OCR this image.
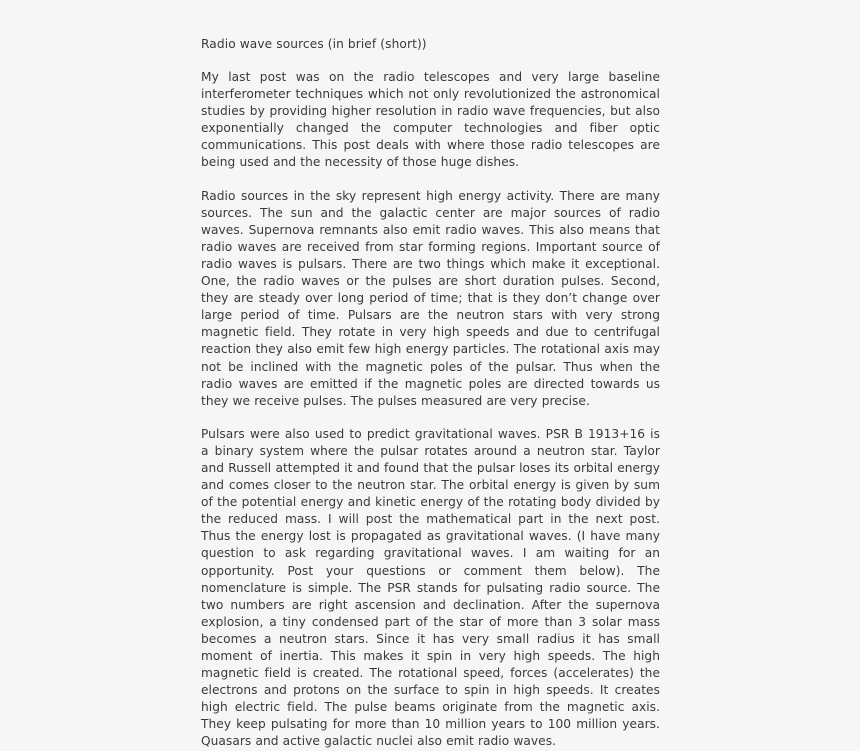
Radio wave sources (in brief (short))

My last post was on the radio telescopes and very large baseline interferometer techniques which not only revolutionized the astronomical studies by providing higher resolution in radio wave frequencies, but also exponentially changed the computer technologies and fiber optic communications. This post deals with where those radio telescopes are being used and the necessity of those huge dishes.

Radio sources in the sky represent high energy activity. There are many sources. The sun and the galactic center are major sources of radio waves. Supernova remnants also emit radio waves. This also means that radio waves are received from star forming regions. Important source of radio waves is pulsars. There are two things which make it exceptional. One, the radio waves or the pulses are short duration pulses. Second, they are steady over long period of time; that is they don’t change over large period of time. Pulsars are the neutron stars with very strong magnetic field. They rotate in very high speeds and due to centrifugal reaction they also emit few high energy particles. The rotational axis may not be inclined with the magnetic poles of the pulsar. Thus when the radio waves are emitted if the magnetic poles are directed towards us they we receive pulses. The pulses measured are very precise.

Pulsars were also used to predict gravitational waves. PSR B 1913+16 is a binary system where the pulsar rotates around a neutron star. Taylor and Russell attempted it and found that the pulsar loses its orbital energy and comes closer to the neutron star. The orbital energy is given by sum of the potential energy and kinetic energy of the rotating body divided by the reduced mass. I will post the mathematical part in the next post. Thus the energy lost is propagated as gravitational waves. (I have many question to ask regarding gravitational waves. I am waiting for an opportunity. Post your questions or comment them below). The nomenclature is simple. The PSR stands for pulsating radio source. The two numbers are right ascension and declination. After the supernova explosion, a tiny condensed part of the star of more than 3 solar mass becomes a neutron stars. Since it has very small radius it has small moment of inertia. This makes it spin in very high speeds. The high magnetic field is created. The rotational speed, forces (accelerates) the electrons and protons on the surface to spin in high speeds. It creates high electric field. The pulse beams originate from the magnetic axis. They keep pulsating for more than 10 million years to 100 million years. Quasars and active galactic nuclei also emit radio waves.
